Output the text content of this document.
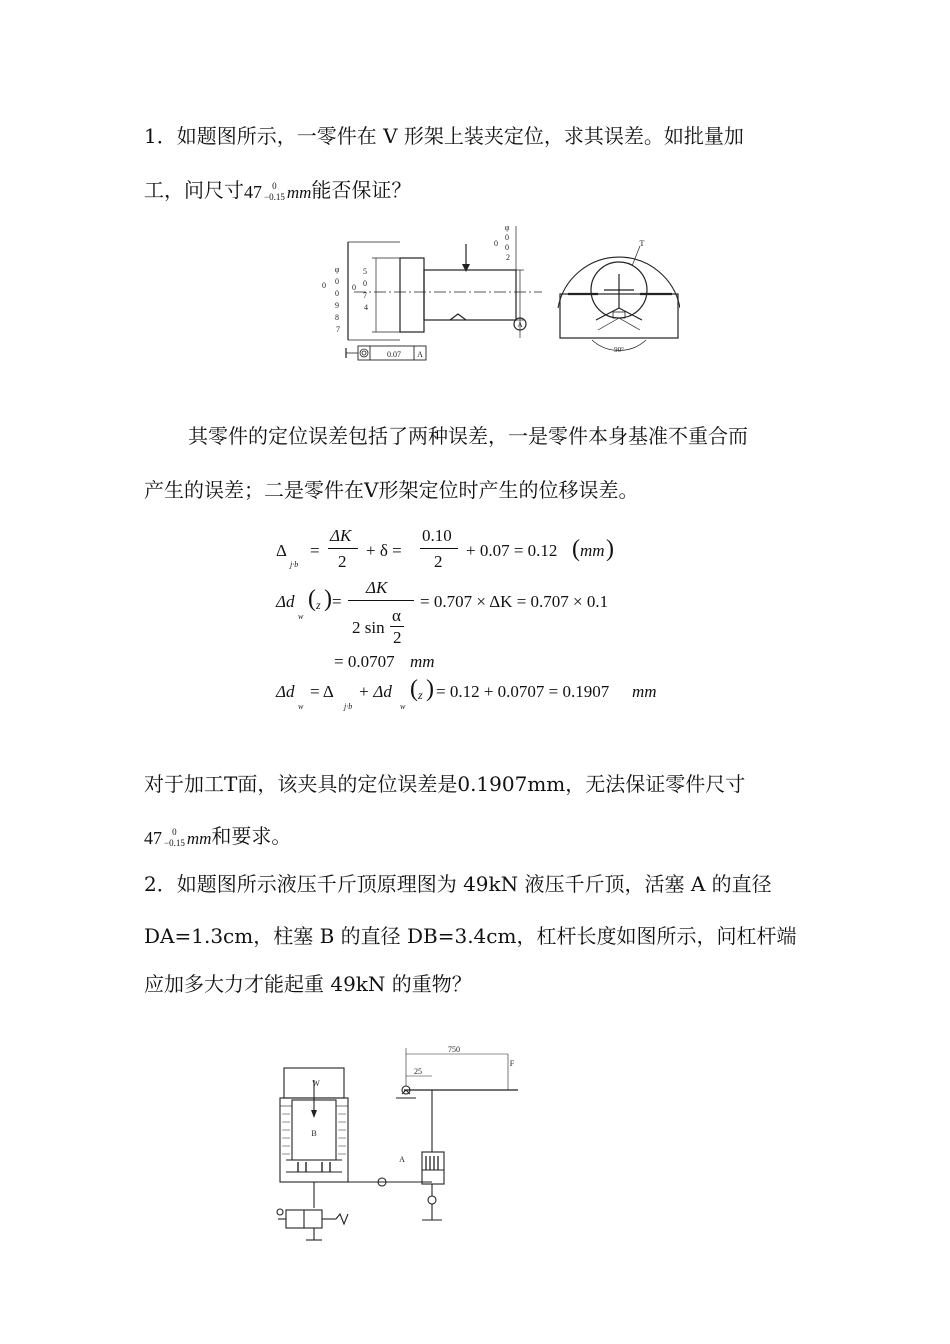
1．如题图所示，一零件在 V 形架上装夹定位，求其误差。如批量加
工，问尺寸47 0
−0.15 mm能否保证？
φ 0 0 9 8 7
0
5 0 7 4
0
φ 0 0 2
0
0.07 A
A
T
90°
其零件的定位误差包括了两种误差，一是零件本身基准不重合而
产生的误差；二是零件在V形架定位时产生的位移误差。
Δ
j·b
=
ΔK
2
+ δ =
0.10
2
+ 0.07 = 0.12 ( mm )
Δd
w
( z ) =
ΔK
2 sin
α
2
= 0.707 × ΔK = 0.707 × 0.1
= 0.0707 mm
Δd
w
= Δ
j·b
+ Δd
w
( z ) = 0.12 + 0.0707 = 0.1907 mm
对于加工T面，该夹具的定位误差是0.1907mm，无法保证零件尺寸
47 0
−0.15 mm和要求。
2．如题图所示液压千斤顶原理图为 49kN 液压千斤顶，活塞 A 的直径
DA=1.3cm，柱塞 B 的直径 DB=3.4cm，杠杆长度如图所示，问杠杆端
应加多大力才能起重 49kN 的重物？
750
25
F
W
B
A
